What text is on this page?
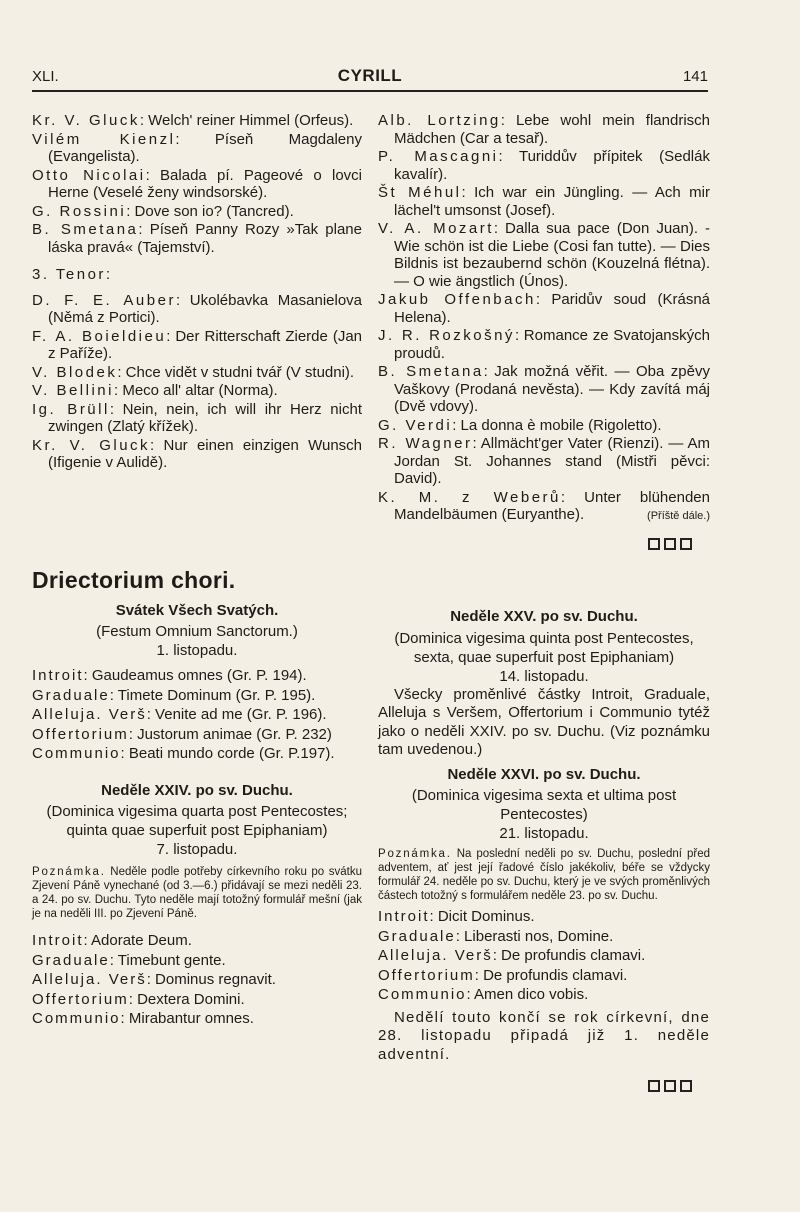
XLI.	CYRILL	141
Kr. V. Gluck: Welch' reiner Himmel (Orfeus).
Vilém Kienzl: Píseň Magdaleny (Evangelista).
Otto Nicolai: Balada pí. Pageové o lovci Herne (Veselé ženy windsorské).
G. Rossini: Dove son io? (Tancred).
B. Smetana: Píseň Panny Rozy »Tak plane láska pravá« (Tajemství).
3. Tenor:
D. F. E. Auber: Ukolébavka Masanielova (Němá z Portici).
F. A. Boieldieu: Der Ritterschaft Zierde (Jan z Paříže).
V. Blodek: Chce vidět v studni tvář (V studni).
V. Bellini: Meco all' altar (Norma).
Ig. Brüll: Nein, nein, ich will ihr Herz nicht zwingen (Zlatý křížek).
Kr. V. Gluck: Nur einen einzigen Wunsch (Ifigenie v Aulidě).
Alb. Lortzing: Lebe wohl mein flandrisch Mädchen (Car a tesař).
P. Mascagni: Turiddův přípitek (Sedlák kavalír).
Št Méhul: Ich war ein Jüngling. — Ach mir lächel't umsonst (Josef).
V. A. Mozart: Dalla sua pace (Don Juan). - Wie schön ist die Liebe (Cosi fan tutte). — Dies Bildnis ist bezaubernd schön (Kouzelná flétna). — O wie ängstlich (Únos).
Jakub Offenbach: Paridův soud (Krásná Helena).
J. R. Rozkošný: Romance ze Svatojanských proudů.
B. Smetana: Jak možná věřit. — Oba zpěvy Vaškovy (Prodaná nevěsta). — Kdy zavítá máj (Dvě vdovy).
G. Verdi: La donna è mobile (Rigoletto).
R. Wagner: Allmächt'ger Vater (Rienzi). — Am Jordan St. Johannes stand (Mistři pěvci: David).
K. M. z Weberů: Unter blühenden Mandelbäumen (Euryanthe).	(Příště dále.)
Driectorium chori.
Svátek Všech Svatých.
(Festum Omnium Sanctorum.)
1. listopadu.
Introit: Gaudeamus omnes (Gr. P. 194).
Graduale: Timete Dominum (Gr. P. 195).
Alleluja. Verš: Venite ad me (Gr. P. 196).
Offertorium: Justorum animae (Gr. P. 232)
Communio: Beati mundo corde (Gr. P.197).
Neděle XXIV. po sv. Duchu.
(Dominica vigesima quarta post Pentecostes; quinta quae superfuit post Epiphaniam)
7. listopadu.
Poznámka. Neděle podle potřeby církevního roku po svátku Zjevení Páně vynechané (od 3.—6.) přidávají se mezi neděli 23. a 24. po sv. Duchu. Tyto neděle mají totožný formulář mešní (jak je na neděli III. po Zjevení Páně.
Introit: Adorate Deum.
Graduale: Timebunt gente.
Alleluja. Verš: Dominus regnavit.
Offertorium: Dextera Domini.
Communio: Mirabantur omnes.
Neděle XXV. po sv. Duchu.
(Dominica vigesima quinta post Pentecostes, sexta, quae superfuit post Epiphaniam)
14. listopadu.

Všecky proměnlivé částky Introit, Graduale, Alleluja s Veršem, Offertorium i Communio tytéž jako o neděli XXIV. po sv. Duchu. (Viz poznámku tam uvedenou.)

Neděle XXVI. po sv. Duchu.
(Dominica vigesima sexta et ultima post Pentecostes)
21. listopadu.
Poznámka. Na poslední neděli po sv. Duchu, poslední před adventem, ať jest její řadové číslo jakékoliv, béře se vždycky formulář 24. neděle po sv. Duchu, který je ve svých proměnlivých částech totožný s formulářem neděle 23. po sv. Duchu.
Introit: Dicit Dominus.
Graduale: Liberasti nos, Domine.
Alleluja. Verš: De profundis clamavi.
Offertorium: De profundis clamavi.
Communio: Amen dico vobis.

Nedělí touto končí se rok církevní, dne 28. listopadu připadá již 1. neděle adventní.
